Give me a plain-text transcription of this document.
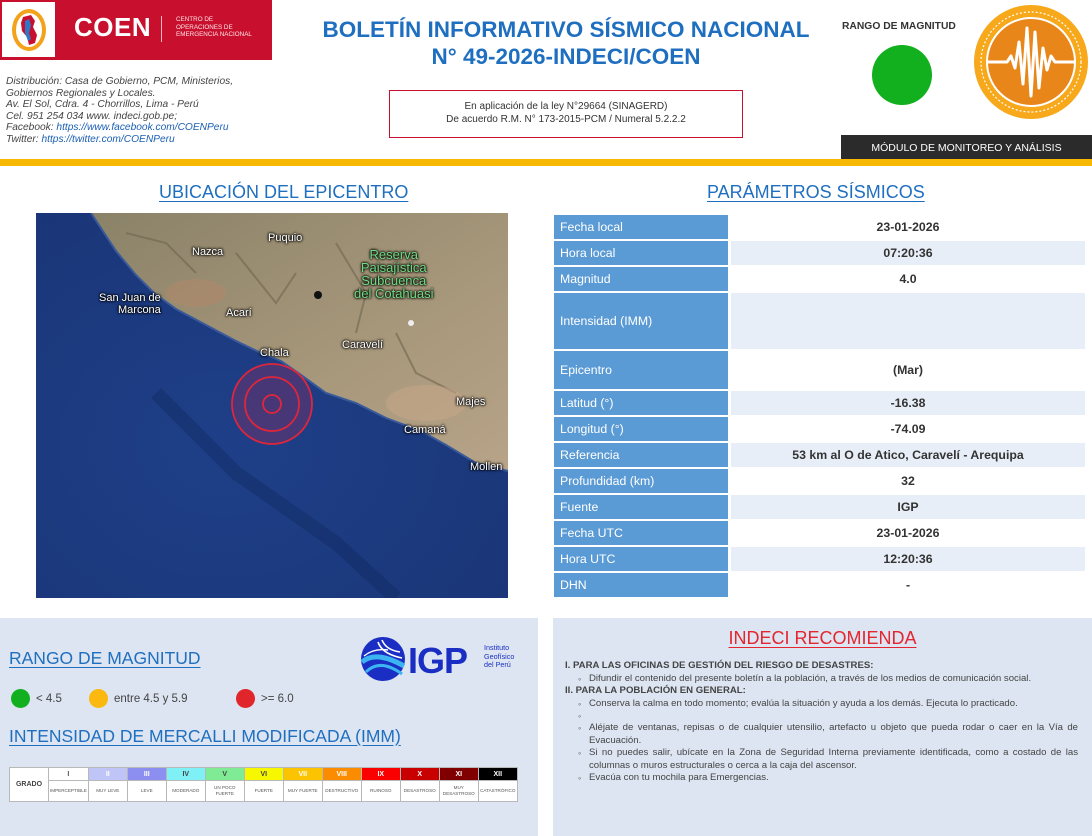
COEN	CENTRO DE
OPERACIONES DE
EMERGENCIA NACIONAL
Distribución: Casa de Gobierno, PCM, Ministerios,
Gobiernos Regionales y Locales.
Av. El Sol, Cdra. 4 - Chorrillos, Lima - Perú
Cel. 951 254 034 www. indeci.gob.pe;
Facebook: https://www.facebook.com/COENPeru
Twitter: https://twitter.com/COENPeru
BOLETÍN INFORMATIVO SÍSMICO NACIONAL
N° 49-2026-INDECI/COEN
En aplicación de la ley N°29664 (SINAGERD)
De acuerdo R.M. N° 173-2015-PCM / Numeral 5.2.2.2
RANGO DE MAGNITUD
MÓDULO DE MONITOREO Y ANÁLISIS
UBICACIÓN DEL EPICENTRO
Puquio
Nazca
San Juan de
Marcona	Acarí
Chala
Caravelí
Majes
Camaná
Mollen
Reserva
Paisajística
Subcuenca
del Cotahuasi
PARÁMETROS SÍSMICOS
Fecha local	23-01-2026
Hora local	07:20:36
Magnitud	4.0
Intensidad (IMM)	
Epicentro	(Mar)
Latitud (°)	-16.38
Longitud (°)	-74.09
Referencia	53 km al O de Atico, Caravelí - Arequipa
Profundidad (km)	32
Fuente	IGP
Fecha UTC	23-01-2026
Hora UTC	12:20:36
DHN	-
RANGO DE MAGNITUD	IGP Instituto
Geofísico
del Perú
< 4.5	entre 4.5 y 5.9	>= 6.0
INTENSIDAD DE MERCALLI MODIFICADA (IMM)
GRADO	I	II	III	IV	V	VI	VII	VIII	IX	X	XI	XII
	IMPERCEPTIBLE	MUY LEVE	LEVE	MODERADO	UN POCO FUERTE	FUERTE	MUY FUERTE	DESTRUCTIVO	RUINOSO	DESASTROSO	MUY DESASTROSO	CATASTRÓFICO
INDECI RECOMIENDA
I. PARA LAS OFICINAS DE GESTIÓN DEL RIESGO DE DESASTRES:
◦ Difundir el contenido del presente boletín a la población, a través de los medios de comunicación social.
II. PARA LA POBLACIÓN EN GENERAL:
◦ Conserva la calma en todo momento; evalúa la situación y ayuda a los demás. Ejecuta lo practicado.
◦
◦ Aléjate de ventanas, repisas o de cualquier utensilio, artefacto u objeto que pueda rodar o caer en la Vía de Evacuación.
◦ Si no puedes salir, ubícate en la Zona de Seguridad Interna previamente identificada, como a costado de las columnas o muros estructurales o cerca a la caja del ascensor.
◦ Evacúa con tu mochila para Emergencias.
